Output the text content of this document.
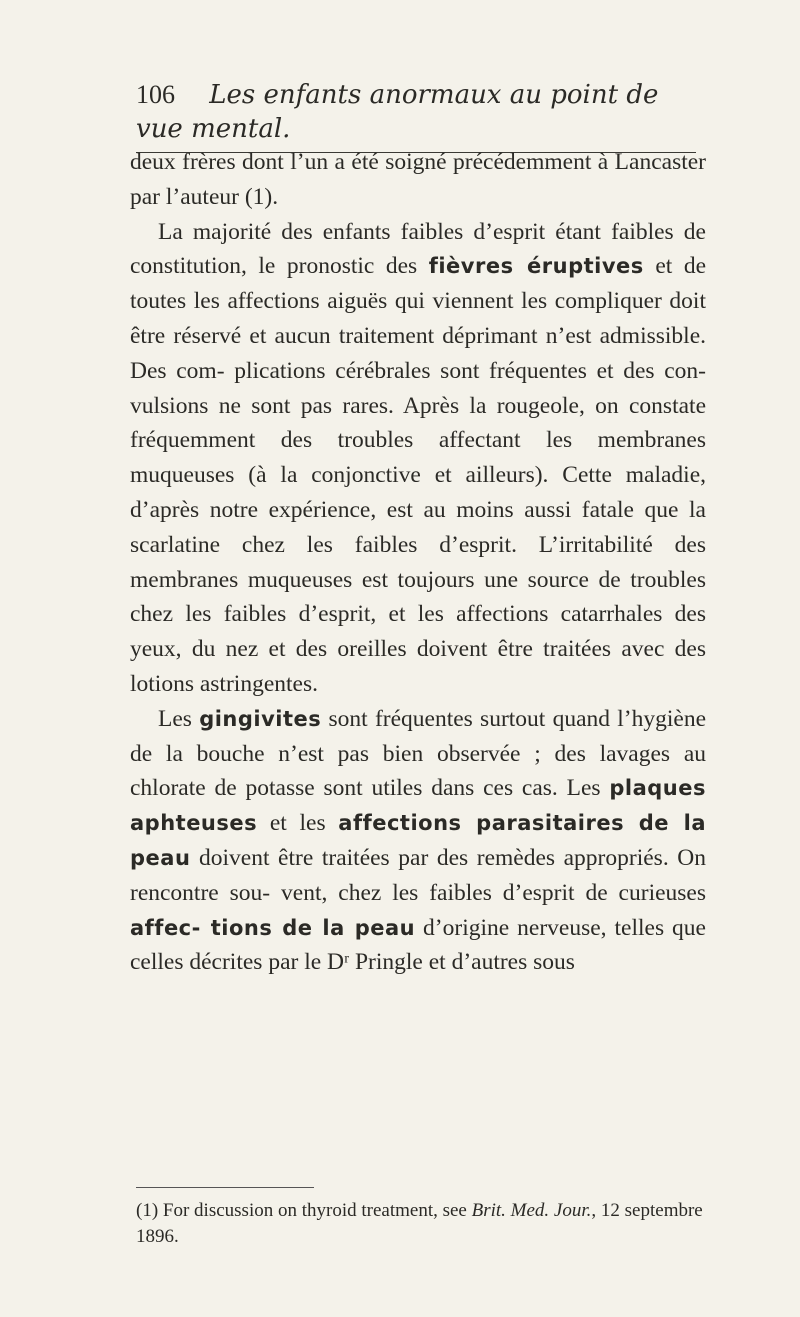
106 Les enfants anormaux au point de vue mental.

deux frères dont l’un a été soigné précédemment à Lancaster par l’auteur (1).

La majorité des enfants faibles d’esprit étant faibles de constitution, le pronostic des fièvres éruptives et de toutes les affections aiguës qui viennent les compliquer doit être réservé et aucun traitement déprimant n’est admissible. Des com- plications cérébrales sont fréquentes et des con- vulsions ne sont pas rares. Après la rougeole, on constate fréquemment des troubles affectant les membranes muqueuses (à la conjonctive et ailleurs). Cette maladie, d’après notre expérience, est au moins aussi fatale que la scarlatine chez les faibles d’esprit. L’irritabilité des membranes muqueuses est toujours une source de troubles chez les faibles d’esprit, et les affections catarrhales des yeux, du nez et des oreilles doivent être traitées avec des lotions astringentes.

Les gingivites sont fréquentes surtout quand l’hygiène de la bouche n’est pas bien observée ; des lavages au chlorate de potasse sont utiles dans ces cas. Les plaques aphteuses et les affections parasitaires de la peau doivent être traitées par des remèdes appropriés. On rencontre sou- vent, chez les faibles d’esprit de curieuses affec- tions de la peau d’origine nerveuse, telles que celles décrites par le Dʳ Pringle et d’autres sous

(1) For discussion on thyroid treatment, see Brit. Med. Jour., 12 septembre 1896.
